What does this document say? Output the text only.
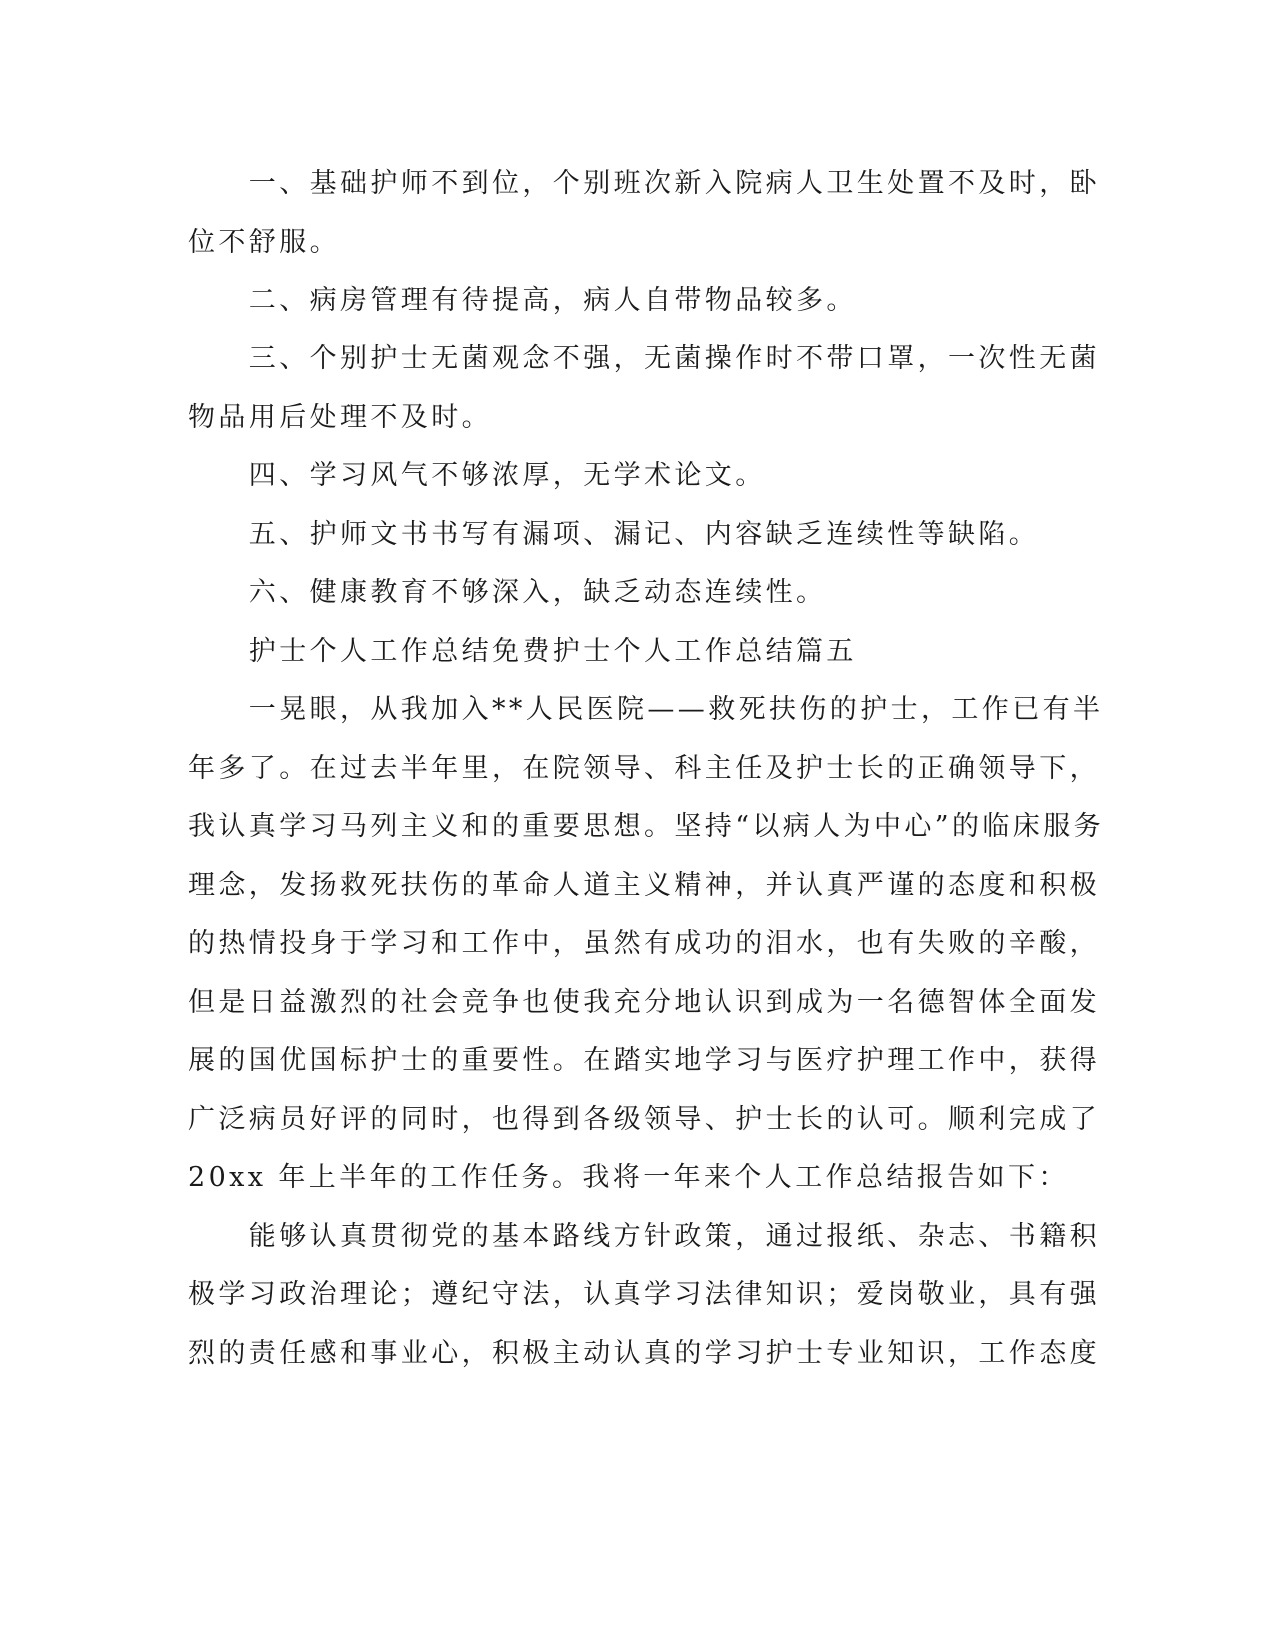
　　一、基础护师不到位，个别班次新入院病人卫生处置不及时，卧
位不舒服。
　　二、病房管理有待提高，病人自带物品较多。
　　三、个别护士无菌观念不强，无菌操作时不带口罩，一次性无菌
物品用后处理不及时。
　　四、学习风气不够浓厚，无学术论文。
　　五、护师文书书写有漏项、漏记、内容缺乏连续性等缺陷。
　　六、健康教育不够深入，缺乏动态连续性。
　　护士个人工作总结免费护士个人工作总结篇五
　　一晃眼，从我加入**人民医院——救死扶伤的护士，工作已有半
年多了。在过去半年里，在院领导、科主任及护士长的正确领导下，
我认真学习马列主义和的重要思想。坚持“以病人为中心”的临床服务
理念，发扬救死扶伤的革命人道主义精神，并认真严谨的态度和积极
的热情投身于学习和工作中，虽然有成功的泪水，也有失败的辛酸，
但是日益激烈的社会竞争也使我充分地认识到成为一名德智体全面发
展的国优国标护士的重要性。在踏实地学习与医疗护理工作中，获得
广泛病员好评的同时，也得到各级领导、护士长的认可。顺利完成了
20xx 年上半年的工作任务。我将一年来个人工作总结报告如下：
　　能够认真贯彻党的基本路线方针政策，通过报纸、杂志、书籍积
极学习政治理论；遵纪守法，认真学习法律知识；爱岗敬业，具有强
烈的责任感和事业心，积极主动认真的学习护士专业知识，工作态度
